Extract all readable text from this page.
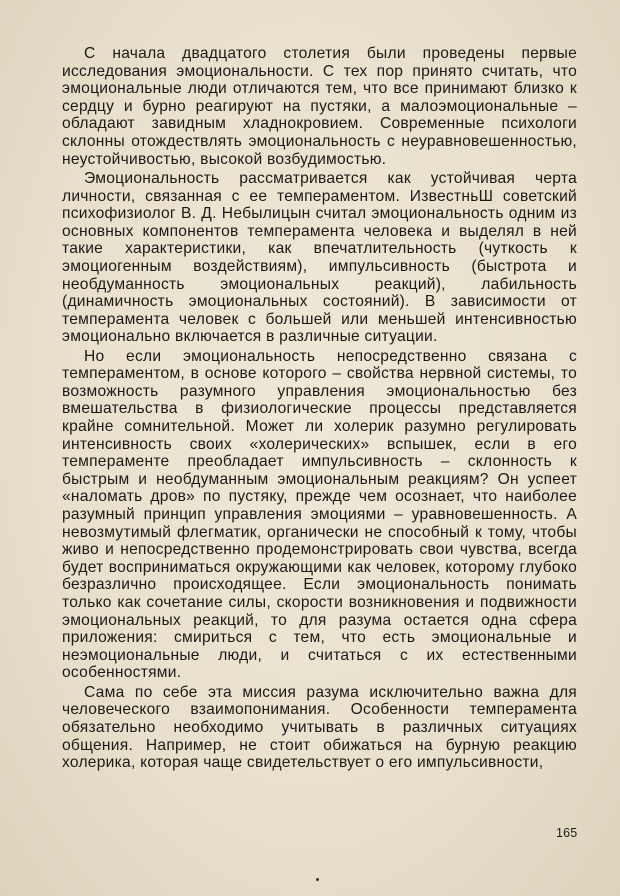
С начала двадцатого столетия были проведены первые исследования эмоциональности. С тех пор принято считать, что эмоциональные люди отличаются тем, что все принимают близко к сердцу и бурно реагируют на пустяки, а малоэмоциональные – обладают завидным хладнокровием. Современные психологи склонны отождествлять эмоциональность с неуравновешенностью, неустойчивостью, высокой возбудимостью.

Эмоциональность рассматривается как устойчивая черта личности, связанная с ее темпераментом. ИзвестньШ советский психофизиолог В. Д. Небылицын считал эмоциональность одним из основных компонентов темперамента человека и выделял в ней такие характеристики, как впечатлительность (чуткость к эмоциогенным воздействиям), импульсивность (быстрота и необдуманность эмоциональных реакций), лабильность (динамичность эмоциональных состояний). В зависимости от темперамента человек с большей или меньшей интенсивностью эмоционально включается в различные ситуации.

Но если эмоциональность непосредственно связана с темпераментом, в основе которого – свойства нервной системы, то возможность разумного управления эмоциональностью без вмешательства в физиологические процессы представляется крайне сомнительной. Может ли холерик разумно регулировать интенсивность своих «холерических» вспышек, если в его темпераменте преобладает импульсивность – склонность к быстрым и необдуманным эмоциональным реакциям? Он успеет «наломать дров» по пустяку, прежде чем осознает, что наиболее разумный принцип управления эмоциями – уравновешенность. А невозмутимый флегматик, органически не способный к тому, чтобы живо и непосредственно продемонстрировать свои чувства, всегда будет восприниматься окружающими как человек, которому глубоко безразлично происходящее. Если эмоциональность понимать только как сочетание силы, скорости возникновения и подвижности эмоциональных реакций, то для разума остается одна сфера приложения: смириться с тем, что есть эмоциональные и неэмоциональные люди, и считаться с их естественными особенностями.

Сама по себе эта миссия разума исключительно важна для человеческого взаимопонимания. Особенности темперамента обязательно необходимо учитывать в различных ситуациях общения. Например, не стоит обижаться на бурную реакцию холерика, которая чаще свидетельствует о его импульсивности,

165
